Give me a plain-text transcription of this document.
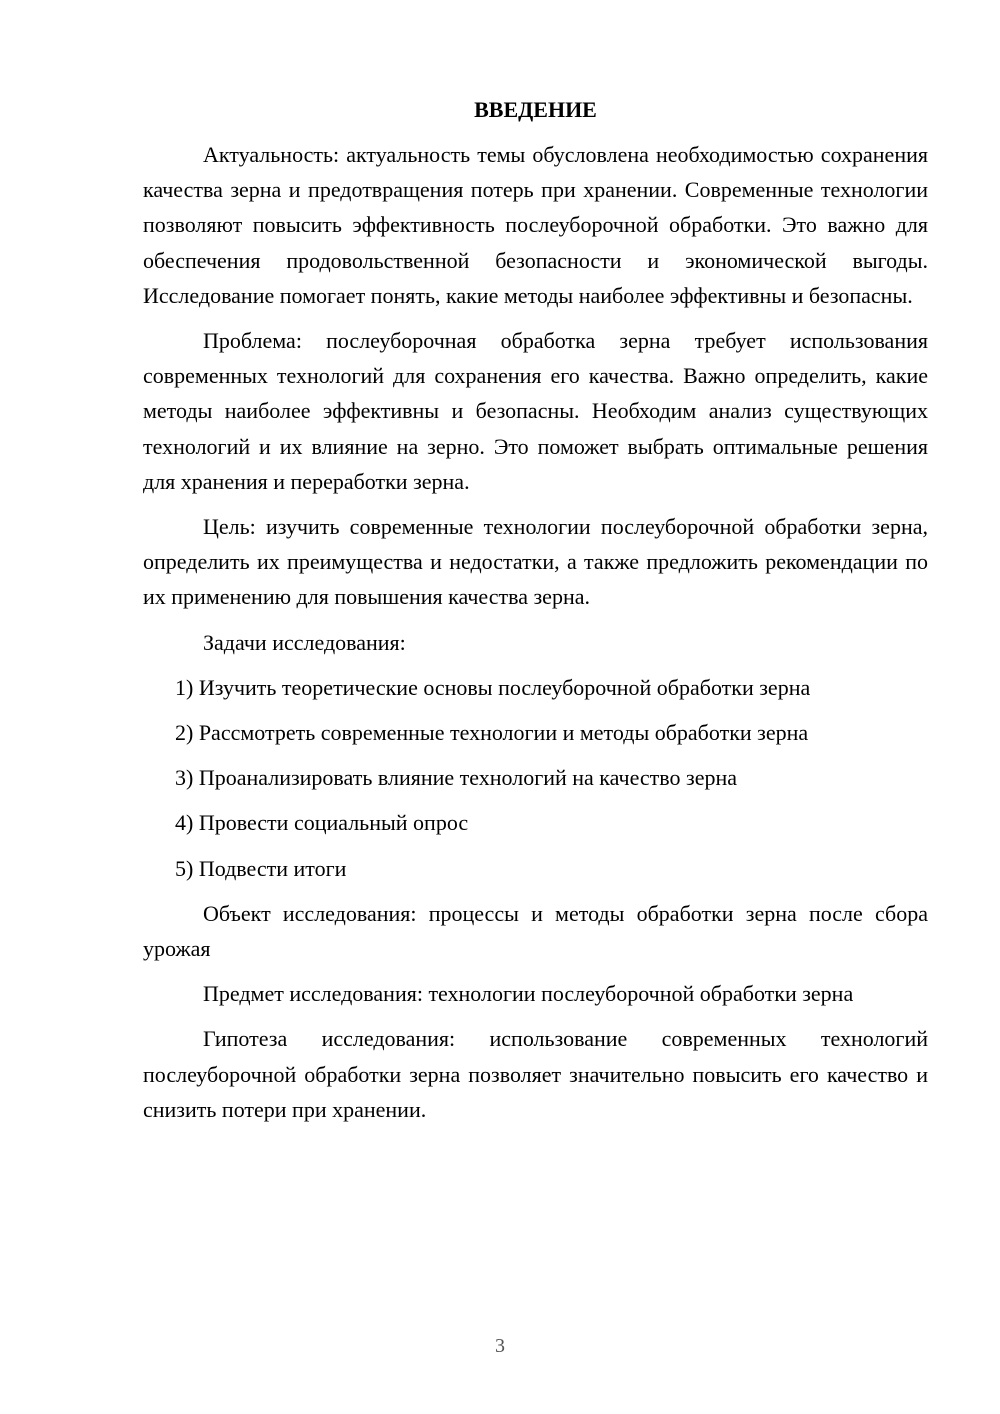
ВВЕДЕНИЕ

Актуальность: актуальность темы обусловлена необходимостью сохранения качества зерна и предотвращения потерь при хранении. Современные технологии позволяют повысить эффективность послеуборочной обработки. Это важно для обеспечения продовольственной безопасности и экономической выгоды. Исследование помогает понять, какие методы наиболее эффективны и безопасны.

Проблема: послеуборочная обработка зерна требует использования современных технологий для сохранения его качества. Важно определить, какие методы наиболее эффективны и безопасны. Необходим анализ существующих технологий и их влияние на зерно. Это поможет выбрать оптимальные решения для хранения и переработки зерна.

Цель: изучить современные технологии послеуборочной обработки зерна, определить их преимущества и недостатки, а также предложить рекомендации по их применению для повышения качества зерна.

Задачи исследования:

1) Изучить теоретические основы послеуборочной обработки зерна

2) Рассмотреть современные технологии и методы обработки зерна

3) Проанализировать влияние технологий на качество зерна

4) Провести социальный опрос

5) Подвести итоги

Объект исследования: процессы и методы обработки зерна после сбора урожая

Предмет исследования: технологии послеуборочной обработки зерна

Гипотеза исследования: использование современных технологий послеуборочной обработки зерна позволяет значительно повысить его качество и снизить потери при хранении.

3
